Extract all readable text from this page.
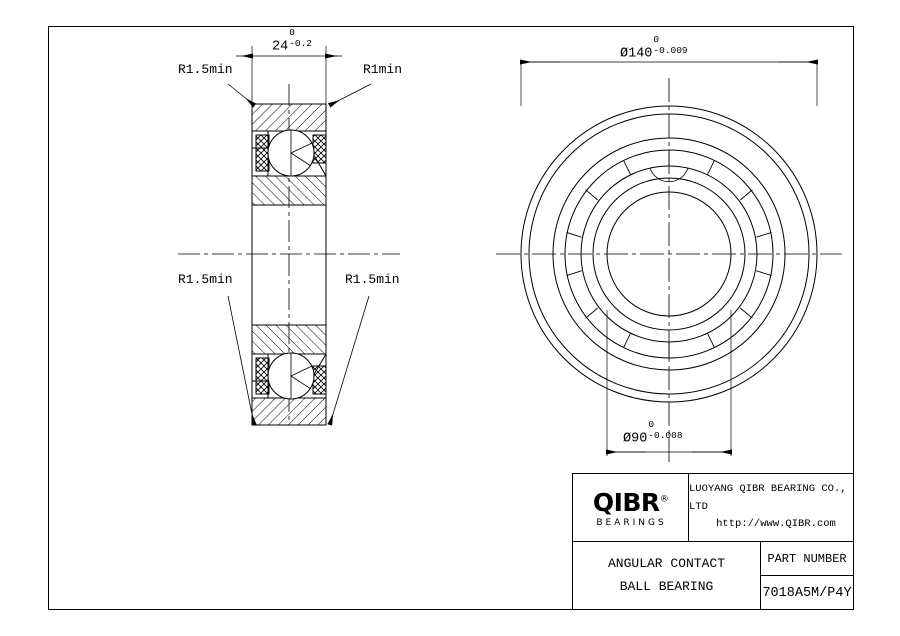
R1.5min	R1min
R1.5min	R1.5min
24
0
-0.2
Ø140
0
-0.009
Ø90
0
-0.008
QIBR®
BEARINGS
LUOYANG QIBR BEARING CO., LTD
http://www.QIBR.com
ANGULAR CONTACT
BALL BEARING
PART NUMBER
7018A5M/P4Y
